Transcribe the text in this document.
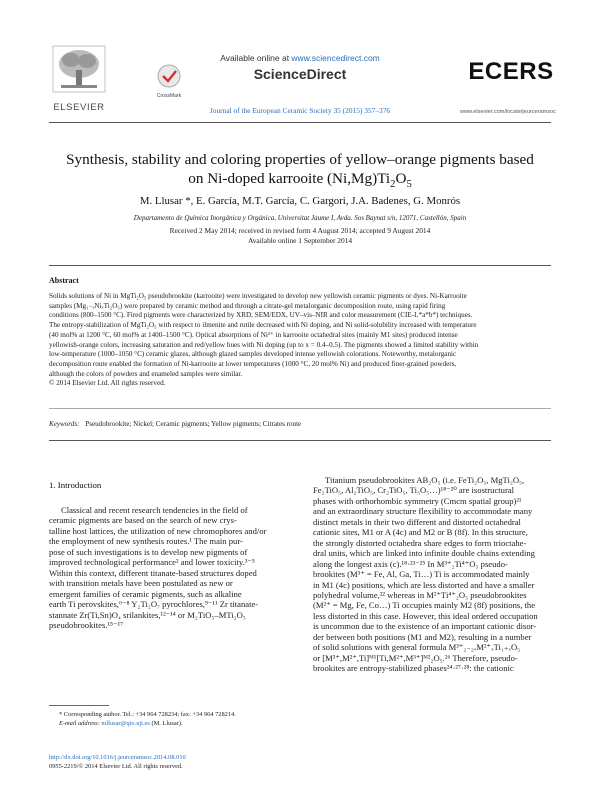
ELSEVIER
Available online at www.sciencedirect.com
CrossMark
ScienceDirect
Journal of the European Ceramic Society 35 (2015) 357–376
ECERS
www.elsevier.com/locate/jeurceramsoc
Synthesis, stability and coloring properties of yellow–orange pigments based
on Ni-doped karrooite $(Ni,Mg)Ti_2O_5$
M. Llusar *, E. García, M.T. García, C. Gargori, J.A. Badenes, G. Monrós
Departamento de Química Inorgánica y Orgánica, Universitat Jaume I, Avda. Sos Baynat s/n, 12071, Castellón, Spain
Received 2 May 2014; received in revised form 4 August 2014; accepted 9 August 2014
Available online 1 September 2014
Abstract
Solids solutions of Ni in MgTi₂O₅ pseudobrookite (karrooite) were investigated to develop new yellowish ceramic pigments or dyes. Ni-Karrooite
samples (Mg₁₋ₓNiₓTi₂O₅) were prepared by ceramic method and through a citrate-gel metalorganic decomposition route, using rapid firing
conditions (800–1500 °C). Fired pigments were characterized by XRD, SEM/EDX, UV–vis–NIR and color measurement (CIE-L*a*b*) techniques.
The entropy-stabilization of MgTi₂O₅ with respect to ilmenite and rutile decreased with Ni doping, and Ni solid-solubility increased with temperature
(40 mol% at 1200 °C, 60 mol% at 1400–1500 °C). Optical absorptions of Ni²⁺ in karrooite octahedral sites (mainly M1 sites) produced intense
yellowish-orange colors, increasing saturation and red/yellow hues with Ni doping (up to x = 0.4–0.5). The pigments showed a limited stability within
low-temperature (1000–1050 °C) ceramic glazes, although glazed samples developed intense yellowish colorations. Noteworthy, metalorganic
decomposition route enabled the formation of Ni-karrooite at lower temperatures (1000 °C, 20 mol% Ni) and produced finer-grained powders,
although the colors of powders and enameled samples were similar.
© 2014 Elsevier Ltd. All rights reserved.
Keywords: Pseudobrookite; Nickel; Ceramic pigments; Yellow pigments; Citrates route
1. Introduction
Classical and recent research tendencies in the field of
ceramic pigments are based on the search of new crys-
talline host lattices, the utilization of new chromophores and/or
the employment of new synthesis routes.¹ The main pur-
pose of such investigations is to develop new pigments of
improved technological performance² and lower toxicity.³⁻⁵
Within this context, different titanate-based structures doped
with transition metals have been postulated as new or
emergent families of ceramic pigments, such as alkaline
earth Ti perovskites,⁶⁻⁸ Y₂Ti₂O₇ pyrochlores,⁹⁻¹¹ Zr titanate-
stannate Zr(Ti,Sn)O₄ srilankites,¹²⁻¹⁴ or M₂TiO₅–MTi₂O₅
pseudobrookites.¹⁵⁻¹⁷
* Corresponding author. Tel.: +34 964 728234; fax: +34 964 728214.
E-mail address: mllusar@qio.uji.es (M. Llusar).
http://dx.doi.org/10.1016/j.jeurceramsoc.2014.08.010
0955-2219/© 2014 Elsevier Ltd. All rights reserved.
Titanium pseudobrookites AB₂O₅ (i.e. FeTi₂O₅, MgTi₂O₅,
Fe₂TiO₅, Al₂TiO₅, Cr₂TiO₅, Ti₃O₅…)¹⁸⁻²⁰ are isostructural
phases with orthorhombic symmetry (Cmcm spatial group)²¹
and an extraordinary structure flexibility to accommodate many
distinct metals in their two different and distorted octahedral
cationic sites, M1 or A (4c) and M2 or B (8f). In this structure,
the strongly distorted octahedra share edges to form trioctahe-
dral units, which are linked into infinite double chains extending
along the longest axis (c).¹⁸·²³⁻²⁵ In M³⁺₂Ti⁴⁺O₅ pseudo-
brookites (M³⁺ = Fe, Al, Ga, Ti…) Ti is accommodated mainly
in M1 (4c) positions, which are less distorted and have a smaller
polyhedral volume,²² whereas in M²⁺Ti⁴⁺₂O₅ pseudobrookites
(M²⁺ = Mg, Fe, Co…) Ti occupies mainly M2 (8f) positions, the
less distorted in this case. However, this ideal ordered occupation
is uncommon due to the existence of an important cationic disor-
der between both positions (M1 and M2), resulting in a number
of solid solutions with general formula M³⁺₂₋₂ₓM²⁺ₓTi₁₊ₓO₅
or [M³⁺,M²⁺,Ti]ᴹ¹[Ti,M²⁺,M³⁺]ᴹ²₂O₅.²⁶ Therefore, pseudo-
brookites are entropy-stabilized phases²⁴·²⁷·²⁸: the cationic
